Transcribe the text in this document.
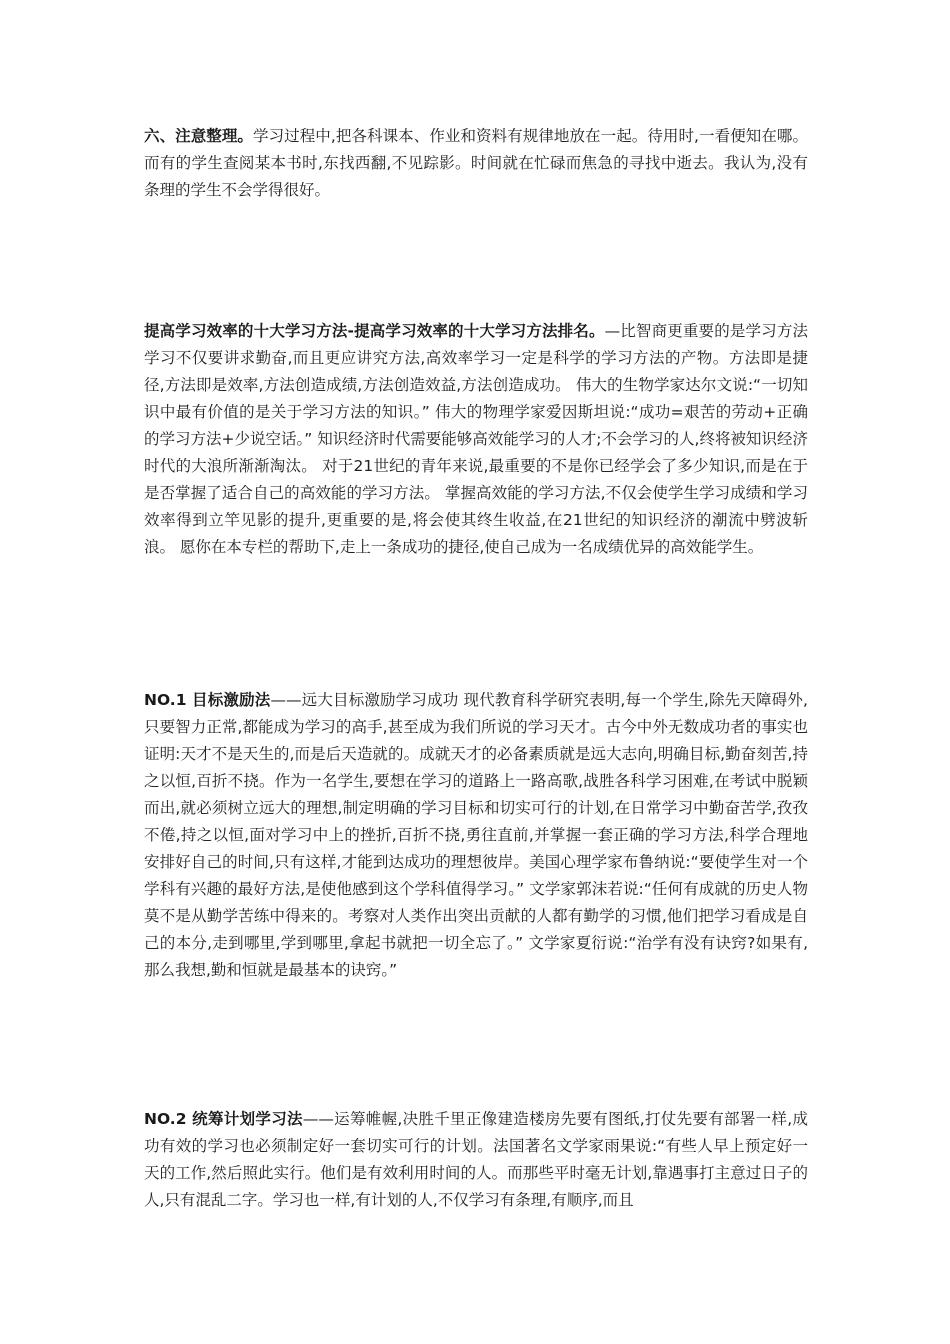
六、注意整理。学习过程中,把各科课本、作业和资料有规律地放在一起。待用时,一看便知在哪。而有的学生查阅某本书时,东找西翻,不见踪影。时间就在忙碌而焦急的寻找中逝去。我认为,没有条理的学生不会学得很好。

提高学习效率的十大学习方法-提高学习效率的十大学习方法排名。—比智商更重要的是学习方法 学习不仅要讲求勤奋,而且更应讲究方法,高效率学习一定是科学的学习方法的产物。方法即是捷径,方法即是效率,方法创造成绩,方法创造效益,方法创造成功。 伟大的生物学家达尔文说:“一切知识中最有价值的是关于学习方法的知识。” 伟大的物理学家爱因斯坦说:“成功=艰苦的劳动+正确的学习方法+少说空话。” 知识经济时代需要能够高效能学习的人才;不会学习的人,终将被知识经济时代的大浪所渐渐淘汰。 对于21世纪的青年来说,最重要的不是你已经学会了多少知识,而是在于是否掌握了适合自己的高效能的学习方法。 掌握高效能的学习方法,不仅会使学生学习成绩和学习效率得到立竿见影的提升,更重要的是,将会使其终生收益,在21世纪的知识经济的潮流中劈波斩浪。 愿你在本专栏的帮助下,走上一条成功的捷径,使自己成为一名成绩优异的高效能学生。

NO.1 目标激励法——远大目标激励学习成功 现代教育科学研究表明,每一个学生,除先天障碍外,只要智力正常,都能成为学习的高手,甚至成为我们所说的学习天才。古今中外无数成功者的事实也证明:天才不是天生的,而是后天造就的。成就天才的必备素质就是远大志向,明确目标,勤奋刻苦,持之以恒,百折不挠。作为一名学生,要想在学习的道路上一路高歌,战胜各科学习困难,在考试中脱颖而出,就必须树立远大的理想,制定明确的学习目标和切实可行的计划,在日常学习中勤奋苦学,孜孜不倦,持之以恒,面对学习中上的挫折,百折不挠,勇往直前,并掌握一套正确的学习方法,科学合理地安排好自己的时间,只有这样,才能到达成功的理想彼岸。美国心理学家布鲁纳说:“要使学生对一个学科有兴趣的最好方法,是使他感到这个学科值得学习。” 文学家郭沫若说:“任何有成就的历史人物莫不是从勤学苦练中得来的。考察对人类作出突出贡献的人都有勤学的习惯,他们把学习看成是自己的本分,走到哪里,学到哪里,拿起书就把一切全忘了。” 文学家夏衍说:“治学有没有诀窍?如果有,那么我想,勤和恒就是最基本的诀窍。”

NO.2 统筹计划学习法——运筹帷幄,决胜千里正像建造楼房先要有图纸,打仗先要有部署一样,成功有效的学习也必须制定好一套切实可行的计划。法国著名文学家雨果说:“有些人早上预定好一天的工作,然后照此实行。他们是有效利用时间的人。而那些平时毫无计划,靠遇事打主意过日子的人,只有混乱二字。学习也一样,有计划的人,不仅学习有条理,有顺序,而且
